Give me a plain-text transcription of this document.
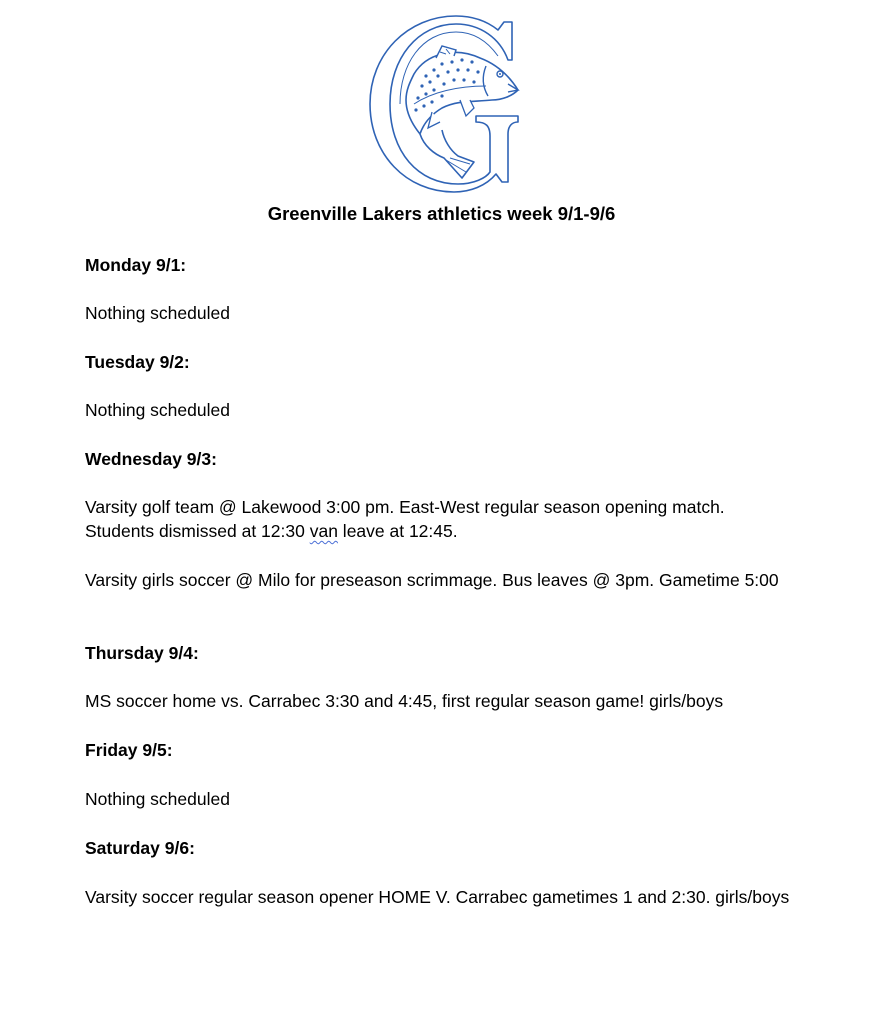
Greenville Lakers athletics week 9/1-9/6

Monday 9/1:

Nothing scheduled

Tuesday 9/2:

Nothing scheduled

Wednesday 9/3:

Varsity golf team @ Lakewood 3:00 pm. East-West regular season opening match.
Students dismissed at 12:30 van leave at 12:45.

Varsity girls soccer @ Milo for preseason scrimmage. Bus leaves @ 3pm. Gametime 5:00

Thursday 9/4:

MS soccer home vs. Carrabec 3:30 and 4:45, first regular season game! girls/boys

Friday 9/5:

Nothing scheduled

Saturday 9/6:

Varsity soccer regular season opener HOME V. Carrabec gametimes 1 and 2:30. girls/boys
